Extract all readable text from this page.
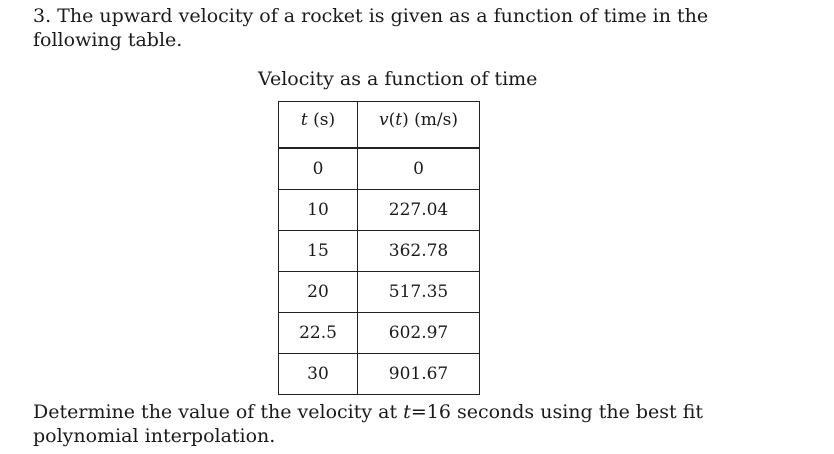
3. The upward velocity of a rocket is given as a function of time in the following table.

Velocity as a function of time

t (s)	v(t) (m/s)
0	0
10	227.04
15	362.78
20	517.35
22.5	602.97
30	901.67

Determine the value of the velocity at t=16 seconds using the best fit polynomial interpolation.
